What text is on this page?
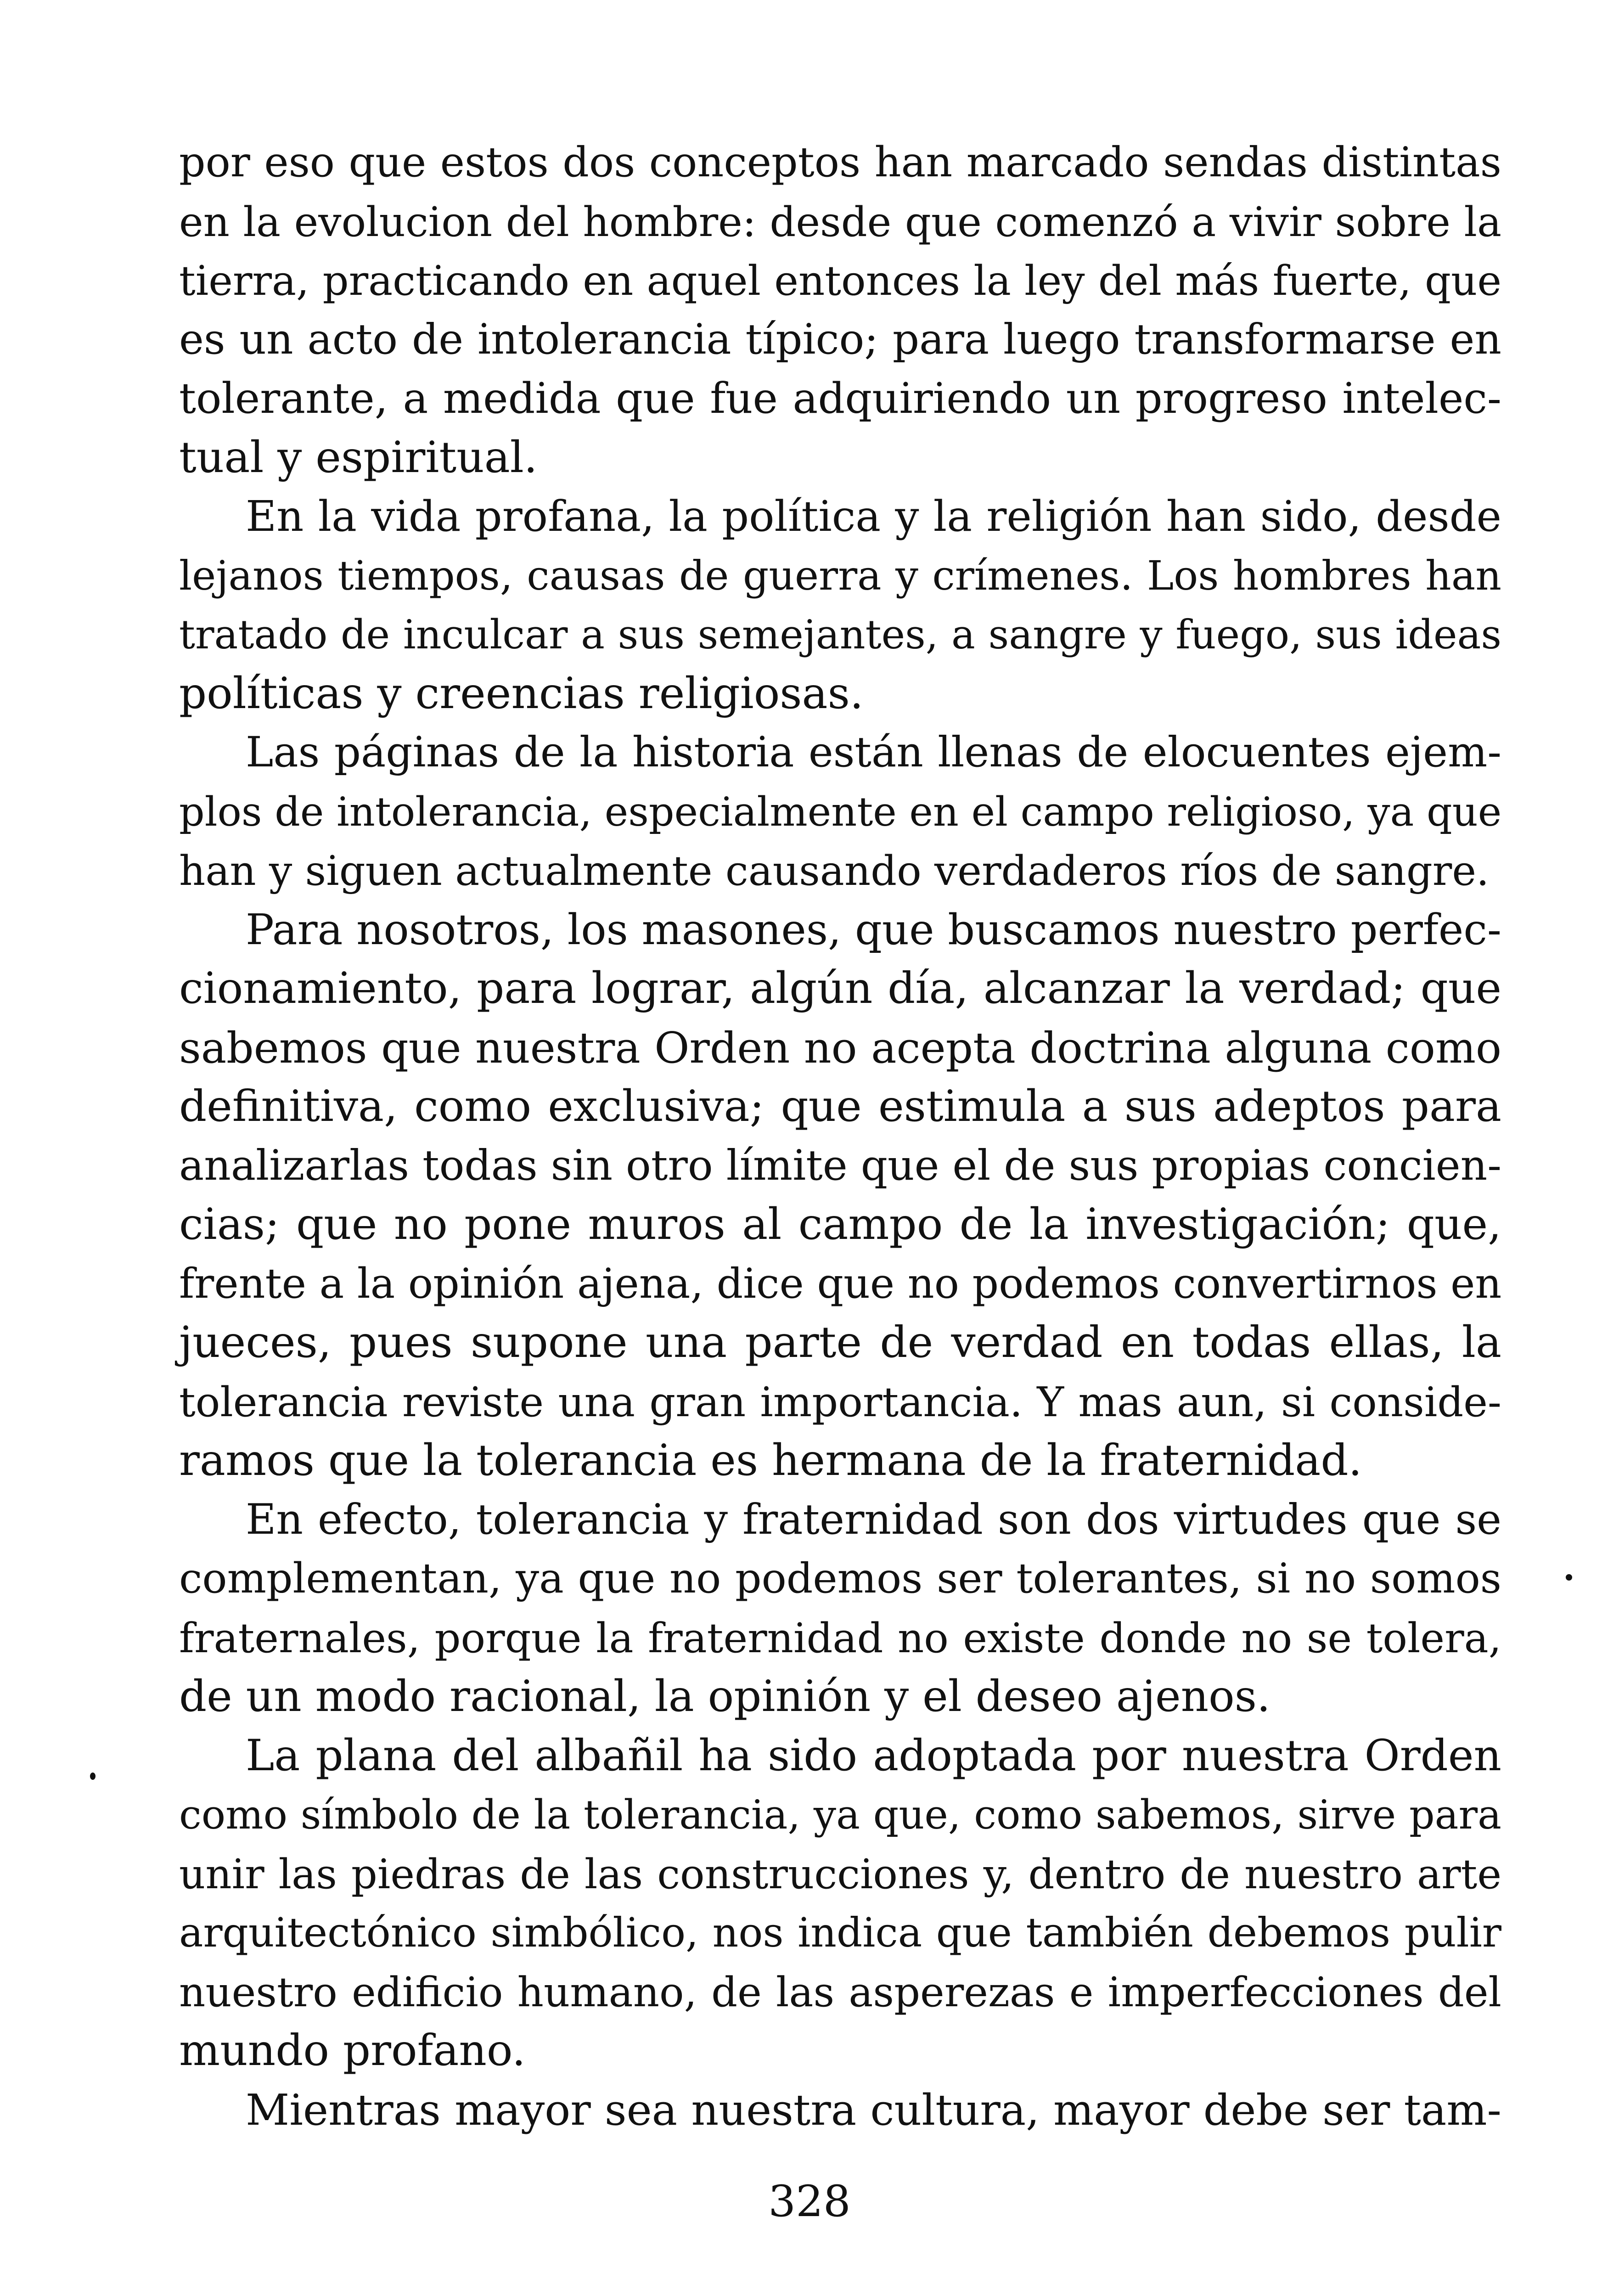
por eso que estos dos conceptos han marcado sendas distintas
en la evolucion del hombre: desde que comenzó a vivir sobre la
tierra, practicando en aquel entonces la ley del más fuerte, que
es un acto de intolerancia típico; para luego transformarse en
tolerante, a medida que fue adquiriendo un progreso intelec-
tual y espiritual.
En la vida profana, la política y la religión han sido, desde
lejanos tiempos, causas de guerra y crímenes. Los hombres han
tratado de inculcar a sus semejantes, a sangre y fuego, sus ideas
políticas y creencias religiosas.
Las páginas de la historia están llenas de elocuentes ejem-
plos de intolerancia, especialmente en el campo religioso, ya que
han y siguen actualmente causando verdaderos ríos de sangre.
Para nosotros, los masones, que buscamos nuestro perfec-
cionamiento, para lograr, algún día, alcanzar la verdad; que
sabemos que nuestra Orden no acepta doctrina alguna como
definitiva, como exclusiva; que estimula a sus adeptos para
analizarlas todas sin otro límite que el de sus propias concien-
cias; que no pone muros al campo de la investigación; que,
frente a la opinión ajena, dice que no podemos convertirnos en
jueces, pues supone una parte de verdad en todas ellas, la
tolerancia reviste una gran importancia. Y mas aun, si conside-
ramos que la tolerancia es hermana de la fraternidad.
En efecto, tolerancia y fraternidad son dos virtudes que se
complementan, ya que no podemos ser tolerantes, si no somos
fraternales, porque la fraternidad no existe donde no se tolera,
de un modo racional, la opinión y el deseo ajenos.
La plana del albañil ha sido adoptada por nuestra Orden
como símbolo de la tolerancia, ya que, como sabemos, sirve para
unir las piedras de las construcciones y, dentro de nuestro arte
arquitectónico simbólico, nos indica que también debemos pulir
nuestro edificio humano, de las asperezas e imperfecciones del
mundo profano.
Mientras mayor sea nuestra cultura, mayor debe ser tam-
328
